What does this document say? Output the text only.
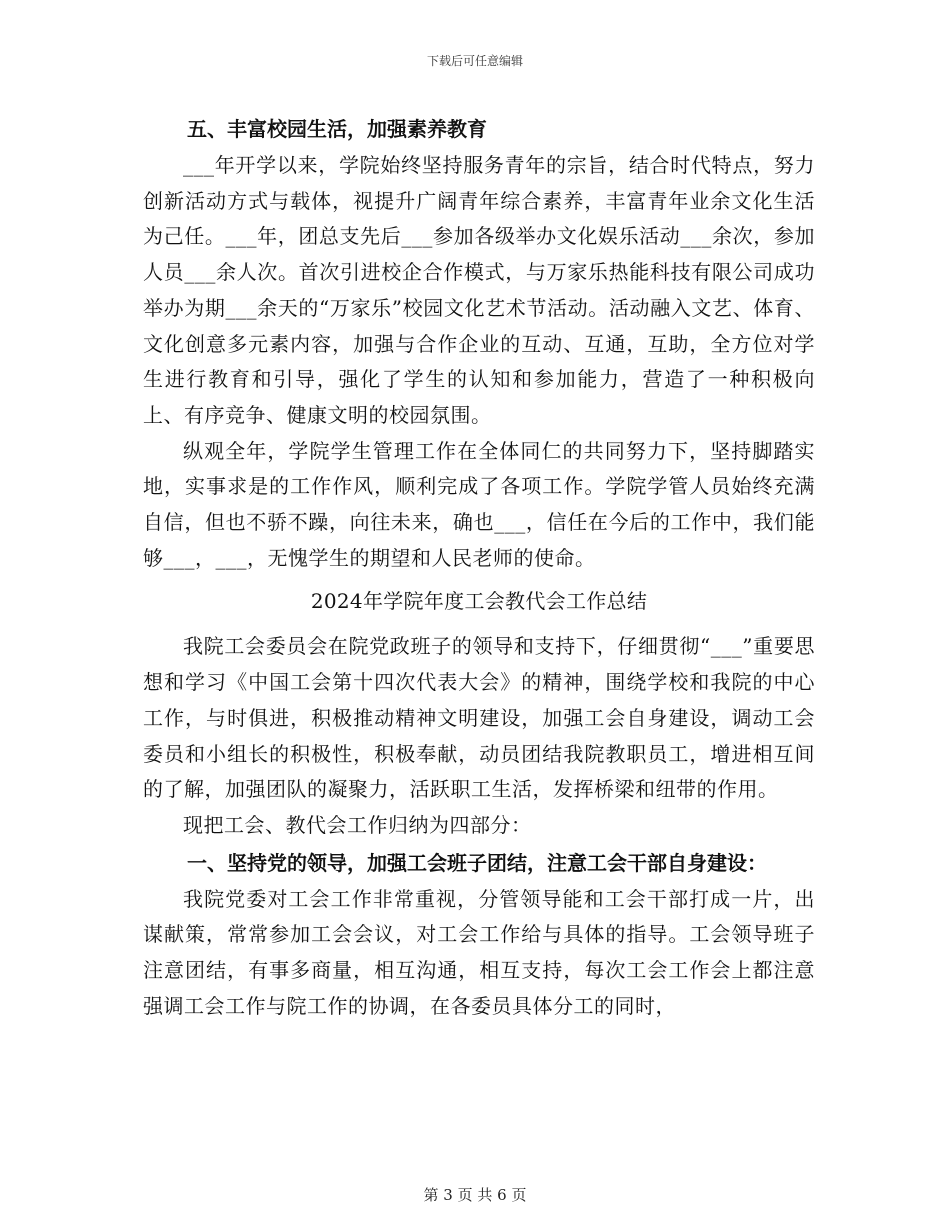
下载后可任意编辑
五、丰富校园生活，加强素养教育

___年开学以来，学院始终坚持服务青年的宗旨，结合时代特点，努力创新活动方式与载体，视提升广阔青年综合素养，丰富青年业余文化生活为己任。___年，团总支先后___参加各级举办文化娱乐活动___余次，参加人员___余人次。首次引进校企合作模式，与万家乐热能科技有限公司成功举办为期___余天的“万家乐”校园文化艺术节活动。活动融入文艺、体育、文化创意多元素内容，加强与合作企业的互动、互通，互助，全方位对学生进行教育和引导，强化了学生的认知和参加能力，营造了一种积极向上、有序竞争、健康文明的校园氛围。

纵观全年，学院学生管理工作在全体同仁的共同努力下，坚持脚踏实地，实事求是的工作作风，顺利完成了各项工作。学院学管人员始终充满自信，但也不骄不躁，向往未来，确也___，信任在今后的工作中，我们能够___，___，无愧学生的期望和人民老师的使命。

2024年学院年度工会教代会工作总结

我院工会委员会在院党政班子的领导和支持下，仔细贯彻“___”重要思想和学习《中国工会第十四次代表大会》的精神，围绕学校和我院的中心工作，与时俱进，积极推动精神文明建设，加强工会自身建设，调动工会委员和小组长的积极性，积极奉献，动员团结我院教职员工，增进相互间的了解，加强团队的凝聚力，活跃职工生活，发挥桥梁和纽带的作用。

现把工会、教代会工作归纳为四部分：

一、坚持党的领导，加强工会班子团结，注意工会干部自身建设：

我院党委对工会工作非常重视，分管领导能和工会干部打成一片，出谋献策，常常参加工会会议，对工会工作给与具体的指导。工会领导班子注意团结，有事多商量，相互沟通，相互支持，每次工会工作会上都注意强调工会工作与院工作的协调，在各委员具体分工的同时，

第 3 页 共 6 页
